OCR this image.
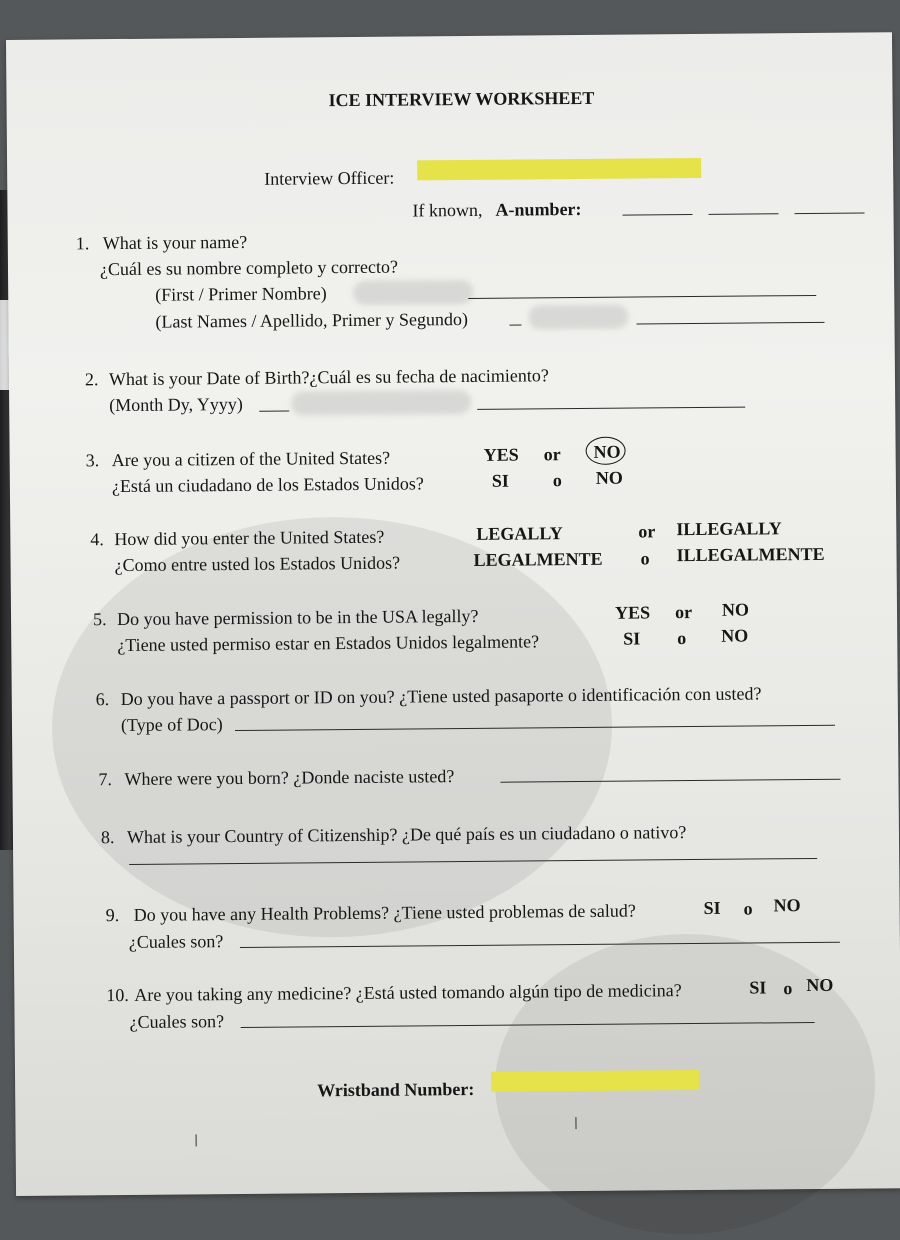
ICE INTERVIEW WORKSHEET
Interview Officer:
If known, A-number:
1. What is your name?
¿Cuál es su nombre completo y correcto?
(First / Primer Nombre)
(Last Names / Apellido, Primer y Segundo)
2. What is your Date of Birth?¿Cuál es su fecha de nacimiento?
(Month Dy, Yyyy)
3. Are you a citizen of the United States?
¿Está un ciudadano de los Estados Unidos?
YES or NO
SI o NO
4. How did you enter the United States?
¿Como entre usted los Estados Unidos?
LEGALLY	or ILLEGALLY
LEGALMENTE o ILLEGALMENTE
5. Do you have permission to be in the USA legally?
¿Tiene usted permiso estar en Estados Unidos legalmente?
YES or NO
SI o NO
6. Do you have a passport or ID on you? ¿Tiene usted pasaporte o identificación con usted?
(Type of Doc)
7. Where were you born? ¿Donde naciste usted?
8. What is your Country of Citizenship? ¿De qué país es un ciudadano o nativo?
9. Do you have any Health Problems? ¿Tiene usted problemas de salud?	SI o NO
¿Cuales son?
10. Are you taking any medicine? ¿Está usted tomando algún tipo de medicina?	SI o NO
¿Cuales son?
Wristband Number:
